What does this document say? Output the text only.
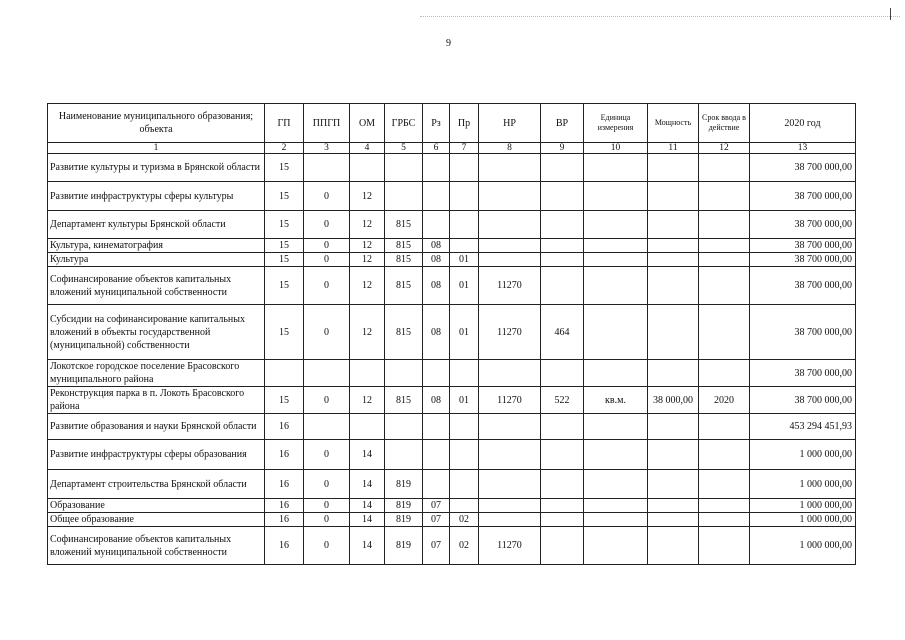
9
Наименование муниципального образования; объекта	ГП	ППГП	ОМ	ГРБС	Рз	Пр	НР	ВР	Единица измерения	Мощность	Срок ввода в действие	2020 год
1	2	3	4	5	6	7	8	9	10	11	12	13
Развитие культуры и туризма в Брянской области	15											38 700 000,00
Развитие инфраструктуры сферы культуры	15	0	12									38 700 000,00
Департамент культуры Брянской области	15	0	12	815								38 700 000,00
Культура, кинематография	15	0	12	815	08							38 700 000,00
Культура	15	0	12	815	08	01						38 700 000,00
Софинансирование объектов капитальных вложений муниципальной собственности	15	0	12	815	08	01	11270					38 700 000,00
Субсидии на софинансирование капитальных вложений в объекты государственной (муниципальной) собственности	15	0	12	815	08	01	11270	464				38 700 000,00
Локотское городское поселение Брасовского муниципального района												38 700 000,00
Реконструкция парка в п. Локоть Брасовского района	15	0	12	815	08	01	11270	522	кв.м.	38 000,00	2020	38 700 000,00
Развитие образования и науки Брянской области	16											453 294 451,93
Развитие инфраструктуры сферы образования	16	0	14									1 000 000,00
Департамент строительства Брянской области	16	0	14	819								1 000 000,00
Образование	16	0	14	819	07							1 000 000,00
Общее образование	16	0	14	819	07	02						1 000 000,00
Софинансирование объектов капитальных вложений муниципальной собственности	16	0	14	819	07	02	11270					1 000 000,00
